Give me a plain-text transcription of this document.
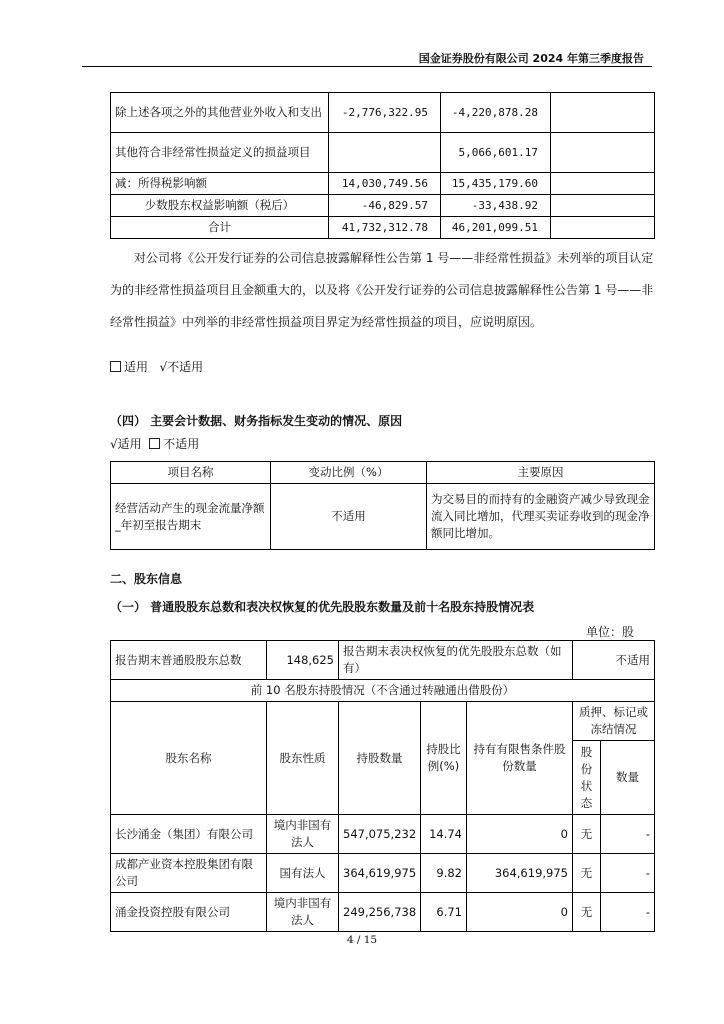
国金证券股份有限公司 2024 年第三季度报告
除上述各项之外的其他营业外收入和支出	-2,776,322.95	-4,220,878.28	
其他符合非经常性损益定义的损益项目		5,066,601.17	
减：所得税影响额	14,030,749.56	15,435,179.60	
少数股东权益影响额（税后）	-46,829.57	-33,438.92	
合计	41,732,312.78	46,201,099.51	
对公司将《公开发行证券的公司信息披露解释性公告第 1 号——非经常性损益》未列举的项目认定为的非经常性损益项目且金额重大的，以及将《公开发行证券的公司信息披露解释性公告第 1 号——非经常性损益》中列举的非经常性损益项目界定为经常性损益的项目，应说明原因。
适用 √不适用
（四） 主要会计数据、财务指标发生变动的情况、原因
√适用 不适用
项目名称	变动比例（%）	主要原因
经营活动产生的现金流量净额_年初至报告期末	不适用	为交易目的而持有的金融资产减少导致现金流入同比增加，代理买卖证券收到的现金净额同比增加。
二、股东信息
（一） 普通股股东总数和表决权恢复的优先股股东数量及前十名股东持股情况表
单位：股
报告期末普通股股东总数	148,625	报告期末表决权恢复的优先股股东总数（如有）			不适用	
前 10 名股东持股情况（不含通过转融通出借股份）						
股东名称	股东性质	持股数量	持股比例(%)	持有有限售条件股份数量	质押、标记或冻结情况	
					股份状态	数量
长沙涌金（集团）有限公司	境内非国有法人	547,075,232	14.74	0	无	-
成都产业资本控股集团有限公司	国有法人	364,619,975	9.82	364,619,975	无	-
涌金投资控股有限公司	境内非国有法人	249,256,738	6.71	0	无	-
4 / 15
